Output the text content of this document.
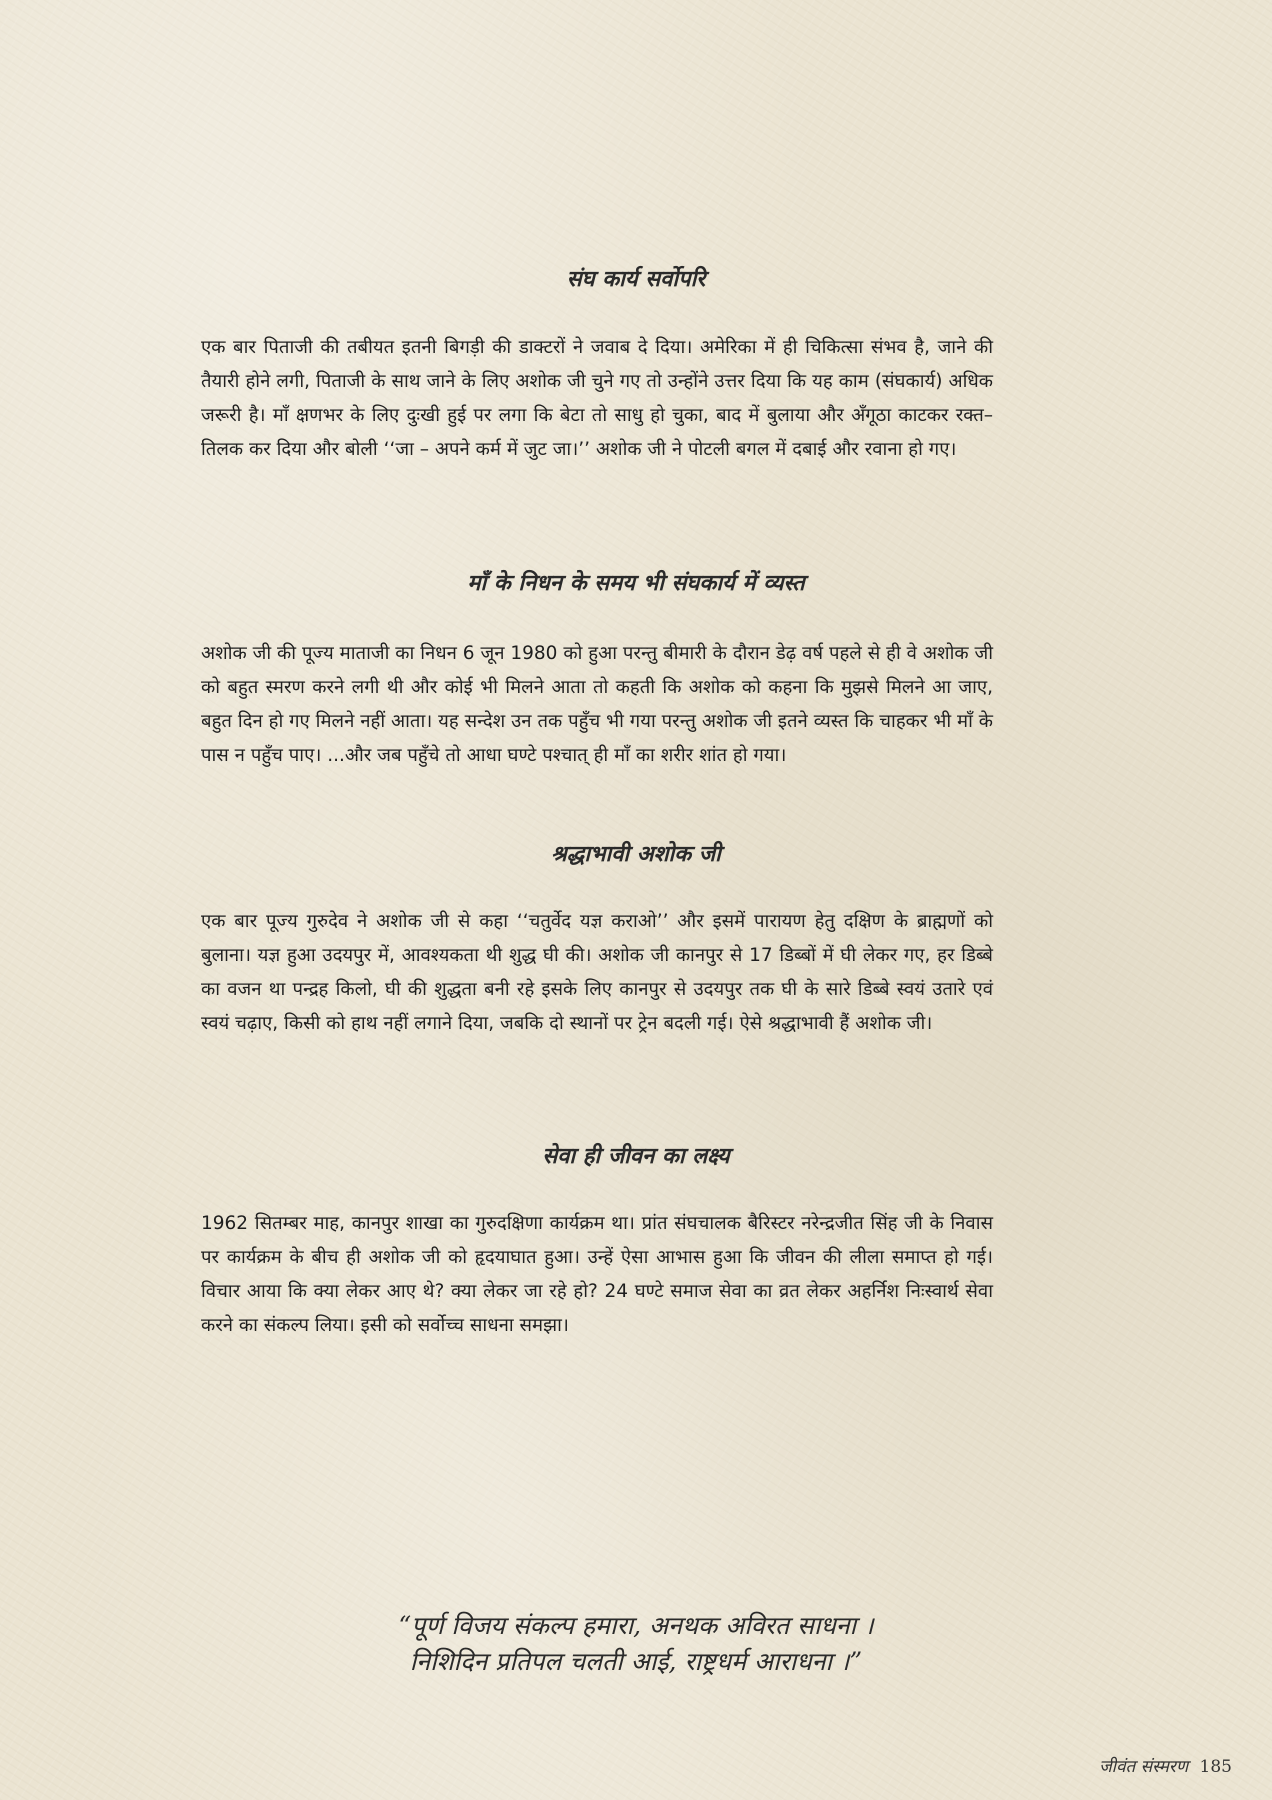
संघ कार्य सर्वोपरि

एक बार पिताजी की तबीयत इतनी बिगड़ी की डाक्टरों ने जवाब दे दिया। अमेरिका में ही चिकित्सा संभव है, जाने की तैयारी होने लगी, पिताजी के साथ जाने के लिए अशोक जी चुने गए तो उन्होंने उत्तर दिया कि यह काम (संघकार्य) अधिक जरूरी है। माँ क्षणभर के लिए दुःखी हुई पर लगा कि बेटा तो साधु हो चुका, बाद में बुलाया और अँगूठा काटकर रक्त–तिलक कर दिया और बोली ‘‘जा – अपने कर्म में जुट जा।’’ अशोक जी ने पोटली बगल में दबाई और रवाना हो गए।

माँ के निधन के समय भी संघकार्य में व्यस्त

अशोक जी की पूज्य माताजी का निधन 6 जून 1980 को हुआ परन्तु बीमारी के दौरान डेढ़ वर्ष पहले से ही वे अशोक जी को बहुत स्मरण करने लगी थी और कोई भी मिलने आता तो कहती कि अशोक को कहना कि मुझसे मिलने आ जाए, बहुत दिन हो गए मिलने नहीं आता। यह सन्देश उन तक पहुँच भी गया परन्तु अशोक जी इतने व्यस्त कि चाहकर भी माँ के पास न पहुँच पाए। ...और जब पहुँचे तो आधा घण्टे पश्चात् ही माँ का शरीर शांत हो गया।

श्रद्धाभावी अशोक जी

एक बार पूज्य गुरुदेव ने अशोक जी से कहा ‘‘चतुर्वेद यज्ञ कराओ’’ और इसमें पारायण हेतु दक्षिण के ब्राह्मणों को बुलाना। यज्ञ हुआ उदयपुर में, आवश्यकता थी शुद्ध घी की। अशोक जी कानपुर से 17 डिब्बों में घी लेकर गए, हर डिब्बे का वजन था पन्द्रह किलो, घी की शुद्धता बनी रहे इसके लिए कानपुर से उदयपुर तक घी के सारे डिब्बे स्वयं उतारे एवं स्वयं चढ़ाए, किसी को हाथ नहीं लगाने दिया, जबकि दो स्थानों पर ट्रेन बदली गई। ऐसे श्रद्धाभावी हैं अशोक जी।

सेवा ही जीवन का लक्ष्य

1962 सितम्बर माह, कानपुर शाखा का गुरुदक्षिणा कार्यक्रम था। प्रांत संघचालक बैरिस्टर नरेन्द्रजीत सिंह जी के निवास पर कार्यक्रम के बीच ही अशोक जी को हृदयाघात हुआ। उन्हें ऐसा आभास हुआ कि जीवन की लीला समाप्त हो गई। विचार आया कि क्या लेकर आए थे? क्या लेकर जा रहे हो? 24 घण्टे समाज सेवा का व्रत लेकर अहर्निश निःस्वार्थ सेवा करने का संकल्प लिया। इसी को सर्वोच्च साधना समझा।

“पूर्ण विजय संकल्प हमारा, अनथक अविरत साधना ।
निशिदिन प्रतिपल चलती आई, राष्ट्रधर्म आराधना ।”
जीवंत संस्मरण 185
